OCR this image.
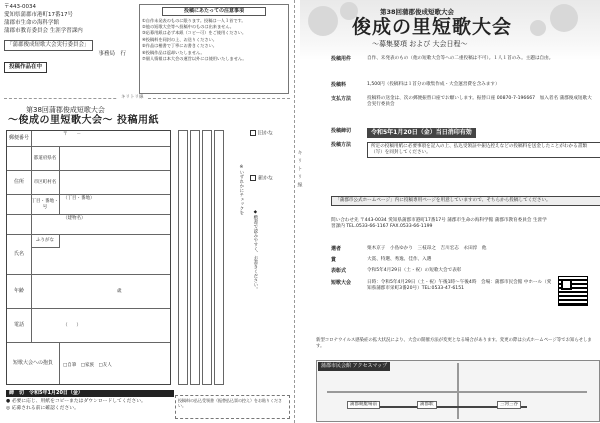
〒443-0034
愛知県蒲郡市港町17番17号
蒲郡市生命の海科学館
蒲郡市教育委員会 生涯学習課内
「蒲郡俊成短歌大会実行委員会」
事務局　行
投稿作品在中
投稿にあたっての注意事項

①自作未発表のものに限ります。投稿は一人１首です。

②他の短歌大会等へ投稿中のものは出来ません。

③応募用紙は必ず本紙（コピー可）をご使用ください。

④投稿料を同封の上、お送りください。

⑤作品は楷書で丁寧にお書きください。

⑥投稿作品は返却いたしません。

⑦個人情報は本大会の運営以外には使用いたしません。

キリトリ線
第38回蒲郡俊成短歌大会
〜俊成の里短歌大会〜 投稿用紙
郵便番号
〒　　－
都道府県名
住所	市区町村名
丁目・番地・号
（丁目・番地）
（建物名）
氏名
ふりがな
年齢	歳
電話	（　　）
短歌大会 への抱負 □自筆　□家族　□友人
※いずれかにチェックを
旧かな
新かな
◆楷書で読みやすく、お書きください。
締　切　令和5年1月20日（金）
● 必要に応じ、用紙をコピーまたはダウンロードしてください。
◎ 応募される前に確認ください。
投稿料の払込受領書（振替払込票の控え）をお貼りください。
キリトリ線
第38回蒲郡俊成短歌大会
俊成の里短歌大会
〜募集要項 および 大会日程〜
投稿用件	自作、未発表のもの（他の短歌大会等への二重投稿は不可）。１人１首のみ。主題は自由。
投稿料	1,500円（投稿料は１首分の歌集作成・大会運営費を含みます）
支払方法	投稿料の送金は、次の郵便振替口座でお願いします。振替口座 00870-7-196667　加入者名 蒲郡俊成短歌大会実行委員会
投稿締切	令和5年1月20日（金）当日消印有効
投稿方法	所定の投稿用紙に必要事項を記入の上、払込受領証や振込控えなどの投稿料を送金したことがわかる書類（写）を同封してください。
「蒲郡市公式ホームページ」内に投稿専用ページを用意していますので、そちらから投稿してください。
問い合わせ先 〒443-0034 愛知県蒲郡市港町17番17号 蒲郡市生命の海科学館 蒲郡市教育委員会 生涯学習課内 TEL.0533-66-1167 FAX.0533-66-1199
選者	栗木京子　小島ゆかり　三枝昂之　吉川宏志　永田淳　他
賞	大賞、特選、秀逸、佳作、入選
表彰式	令和5年4月29日（土・祝）の短歌大会で表彰
短歌大会	日時：令和5年4月29日（土・祝）午後1時〜午後4時　会場：蒲郡市民会館 中ホール（愛知県蒲郡市栄町3番20号）TEL:0533-47-6151
新型コロナウイルス感染症の拡大状況により、大会の開催方法が変更となる場合があります。変更の際は公式ホームページ等でお知らせします。
蒲郡駅	三河三谷
蒲郡競艇場前
蒲郡市民会館 アクセスマップ
